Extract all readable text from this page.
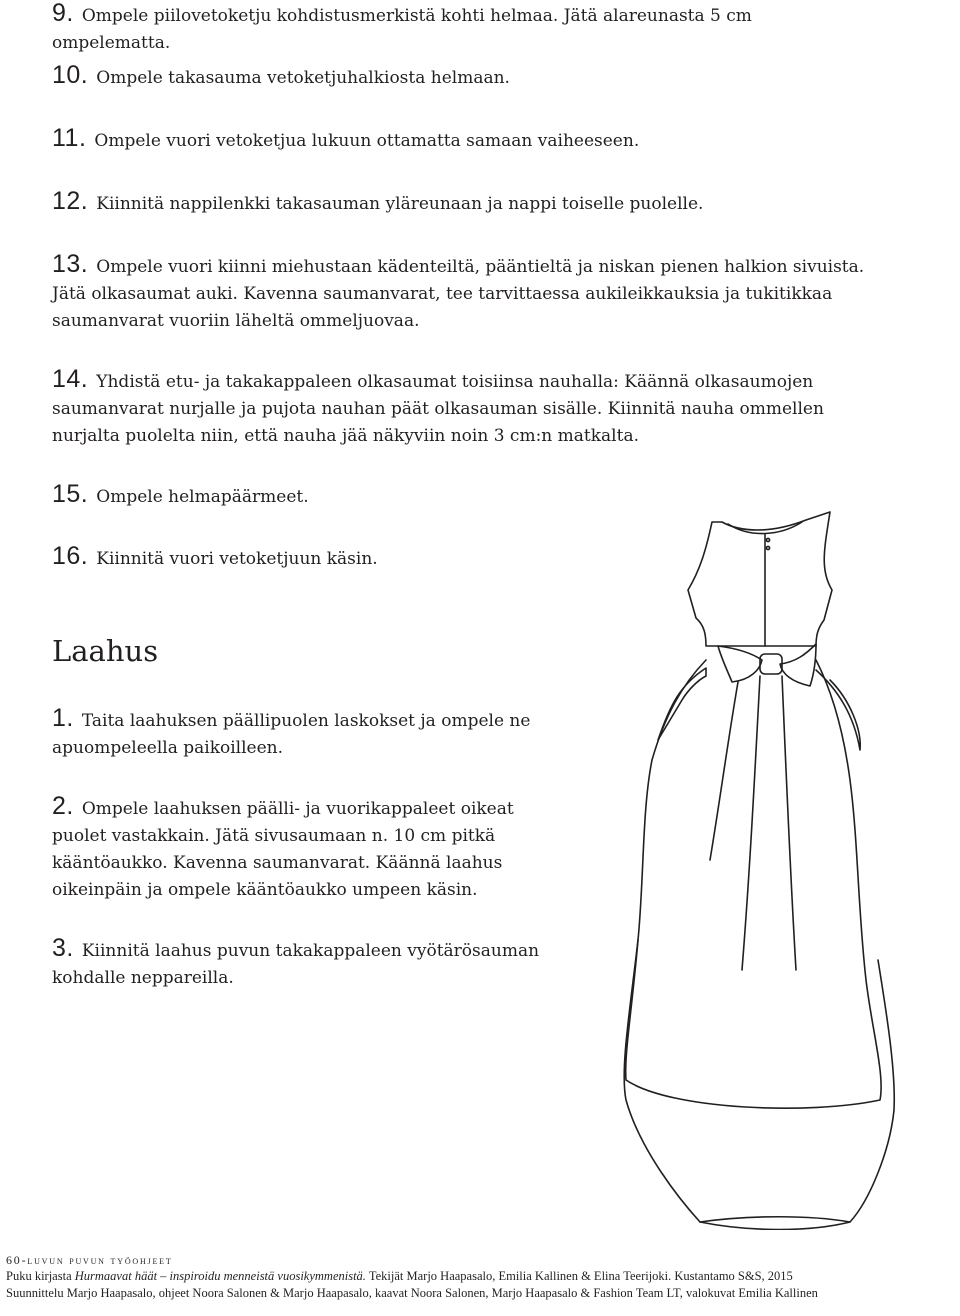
9. Ompele piilovetoketju kohdistusmerkistä kohti helmaa. Jätä alareunasta 5 cm ompelematta.
10. Ompele takasauma vetoketjuhalkiosta helmaan.
11. Ompele vuori vetoketjua lukuun ottamatta samaan vaiheeseen.
12. Kiinnitä nappilenkki takasauman yläreunaan ja nappi toiselle puolelle.
13. Ompele vuori kiinni miehustaan kädenteiltä, pääntieltä ja niskan pienen halkion sivuista. Jätä olkasaumat auki. Kavenna saumanvarat, tee tarvittaessa aukileikkauksia ja tukitikkaa saumanvarat vuoriin läheltä ommeljuovaa.
14. Yhdistä etu- ja takakappaleen olkasaumat toisiinsa nauhalla: Käännä olkasaumojen saumanvarat nurjalle ja pujota nauhan päät olkasauman sisälle. Kiinnitä nauha ommellen nurjalta puolelta niin, että nauha jää näkyviin noin 3 cm:n matkalta.
15. Ompele helmapäärmeet.
16. Kiinnitä vuori vetoketjuun käsin.
Laahus
1. Taita laahuksen päällipuolen laskokset ja ompele ne apuompeleella paikoilleen.
2. Ompele laahuksen päälli- ja vuorikappaleet oikeat puolet vastakkain. Jätä sivusaumaan n. 10 cm pitkä kääntöaukko. Kavenna saumanvarat. Käännä laahus oikeinpäin ja ompele kääntöaukko umpeen käsin.
3. Kiinnitä laahus puvun takakappaleen vyötärösauman kohdalle neppareilla.
60-luvun puvun työohjeet
Puku kirjasta Hurmaavat häät – inspiroidu menneistä vuosikymmenistä. Tekijät Marjo Haapasalo, Emilia Kallinen & Elina Teerijoki. Kustantamo S&S, 2015
Suunnittelu Marjo Haapasalo, ohjeet Noora Salonen & Marjo Haapasalo, kaavat Noora Salonen, Marjo Haapasalo & Fashion Team LT, valokuvat Emilia Kallinen
